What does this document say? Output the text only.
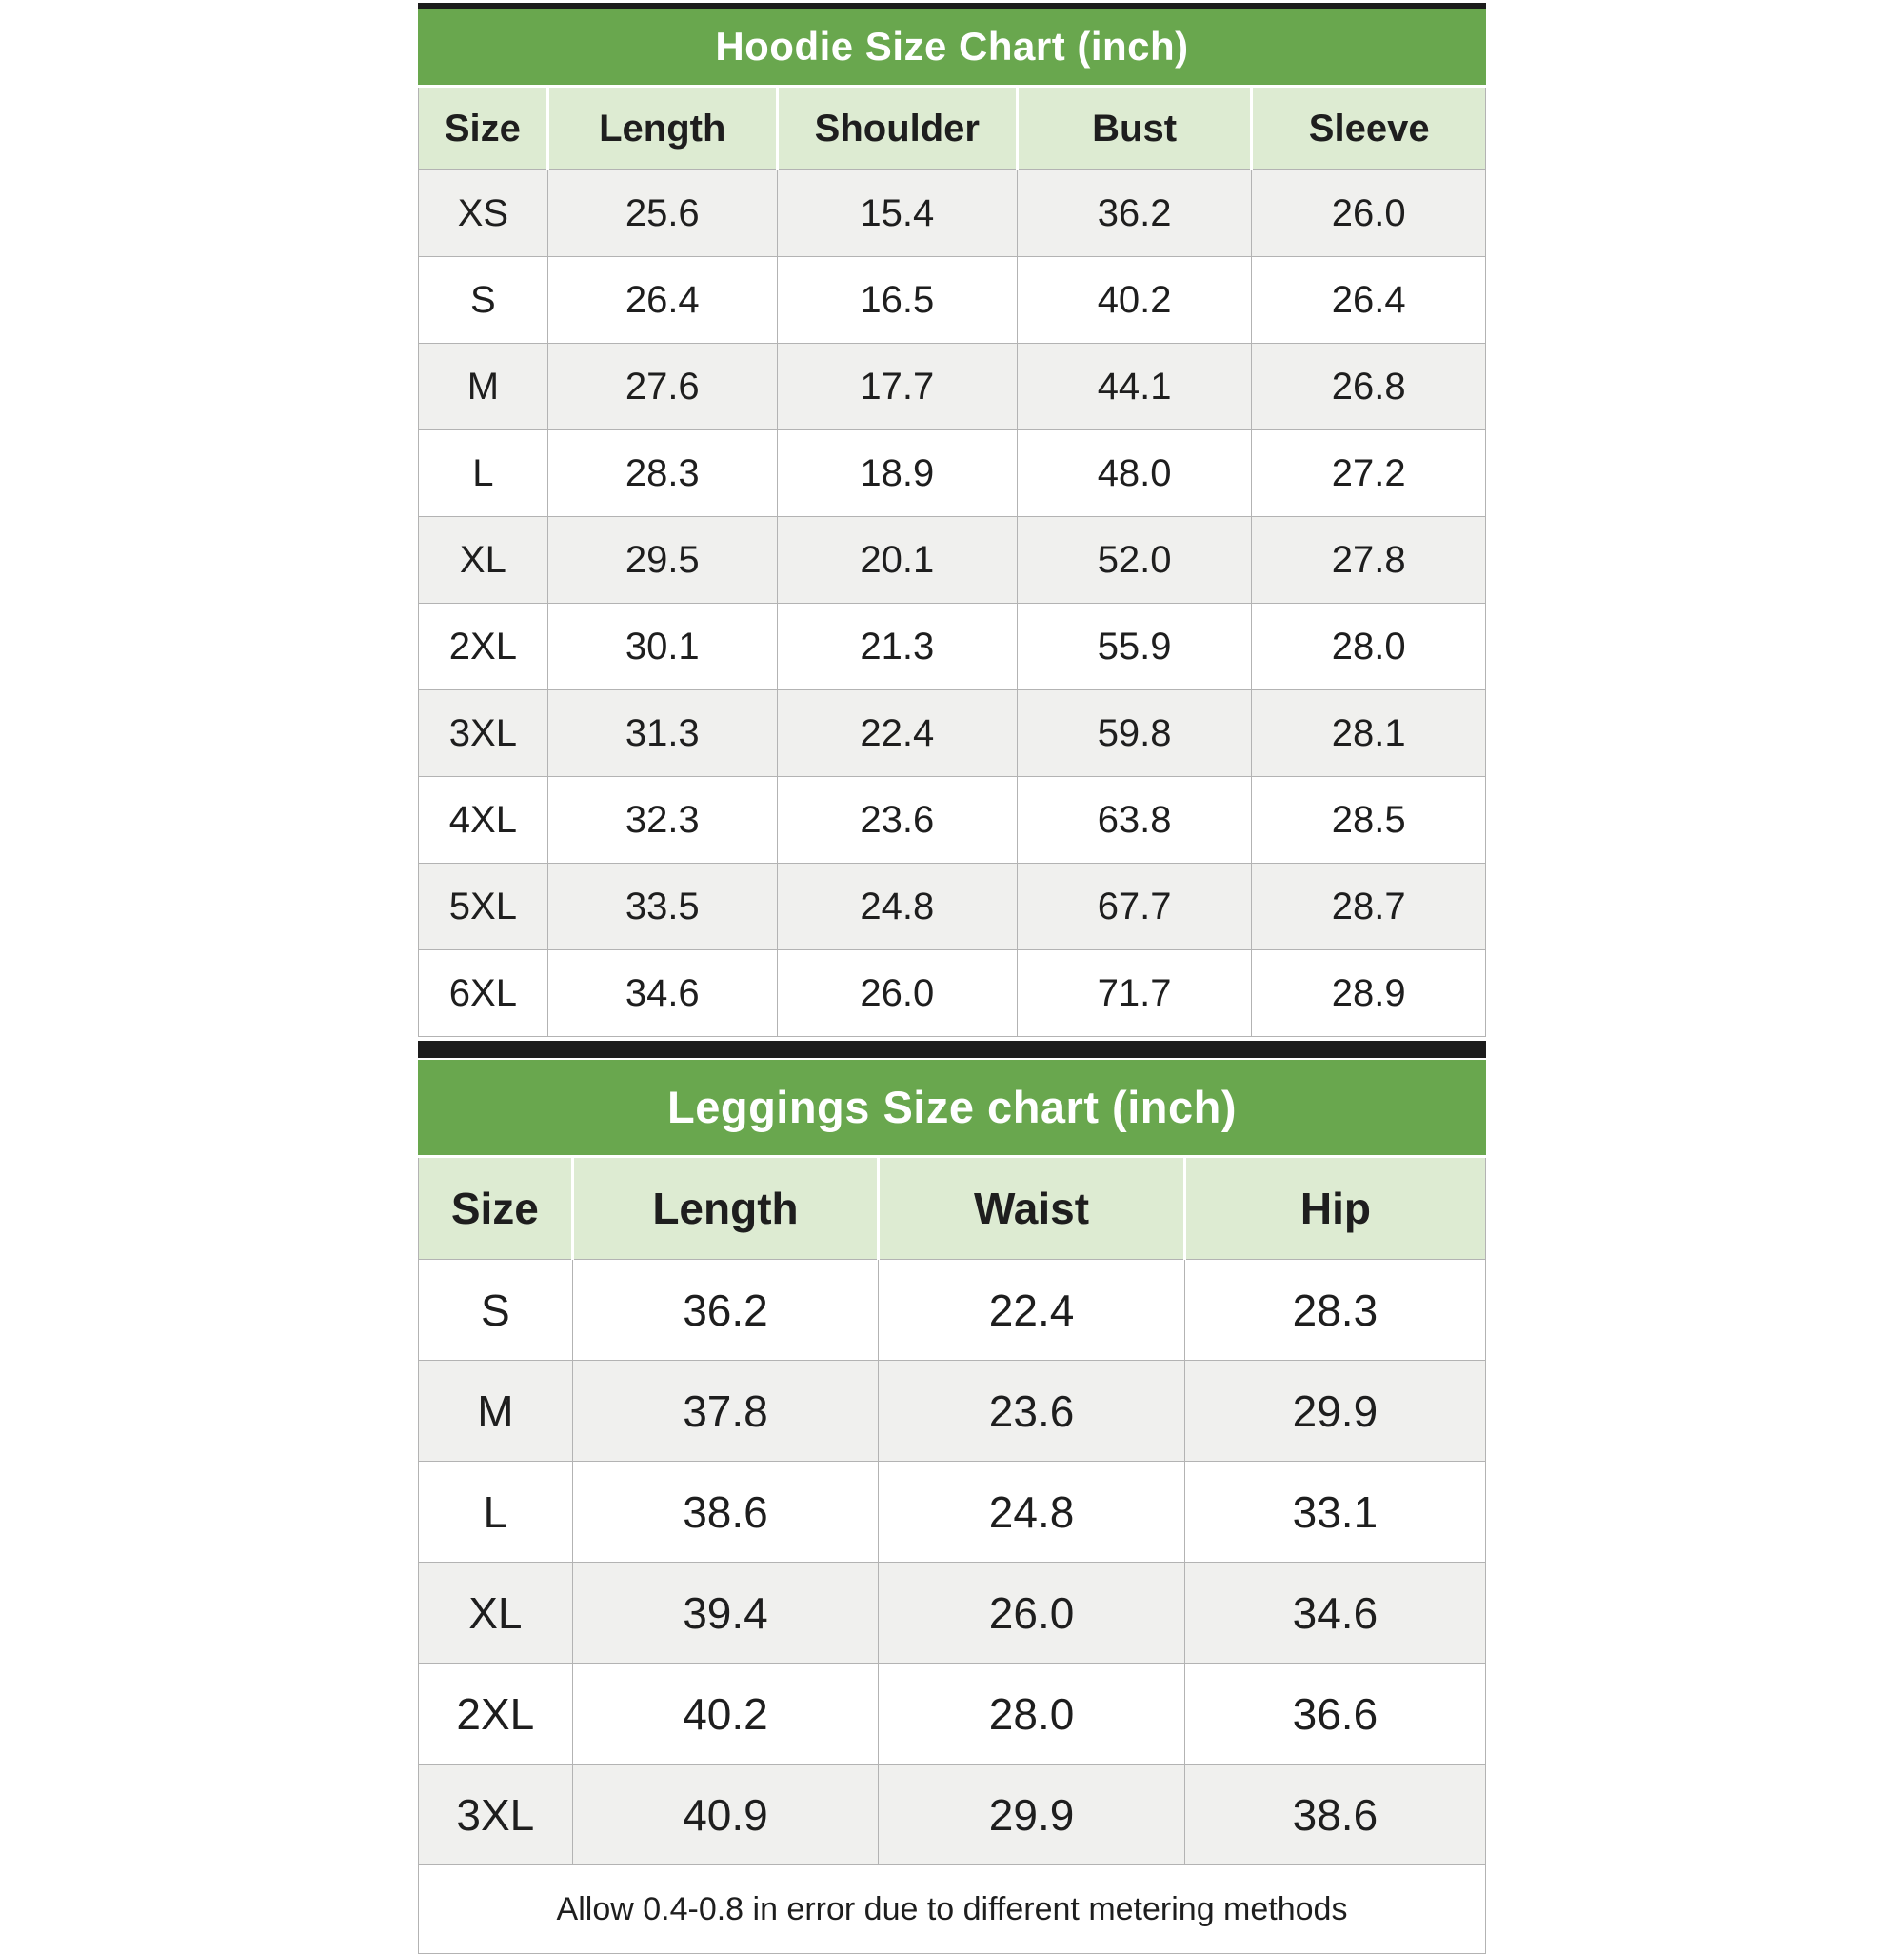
Hoodie Size Chart (inch)
Size	Length	Shoulder	Bust	Sleeve
XS	25.6	15.4	36.2	26.0
S	26.4	16.5	40.2	26.4
M	27.6	17.7	44.1	26.8
L	28.3	18.9	48.0	27.2
XL	29.5	20.1	52.0	27.8
2XL	30.1	21.3	55.9	28.0
3XL	31.3	22.4	59.8	28.1
4XL	32.3	23.6	63.8	28.5
5XL	33.5	24.8	67.7	28.7
6XL	34.6	26.0	71.7	28.9
Leggings Size chart (inch)
Size	Length	Waist	Hip
S	36.2	22.4	28.3
M	37.8	23.6	29.9
L	38.6	24.8	33.1
XL	39.4	26.0	34.6
2XL	40.2	28.0	36.6
3XL	40.9	29.9	38.6
Allow 0.4-0.8 in error due to different metering methods
